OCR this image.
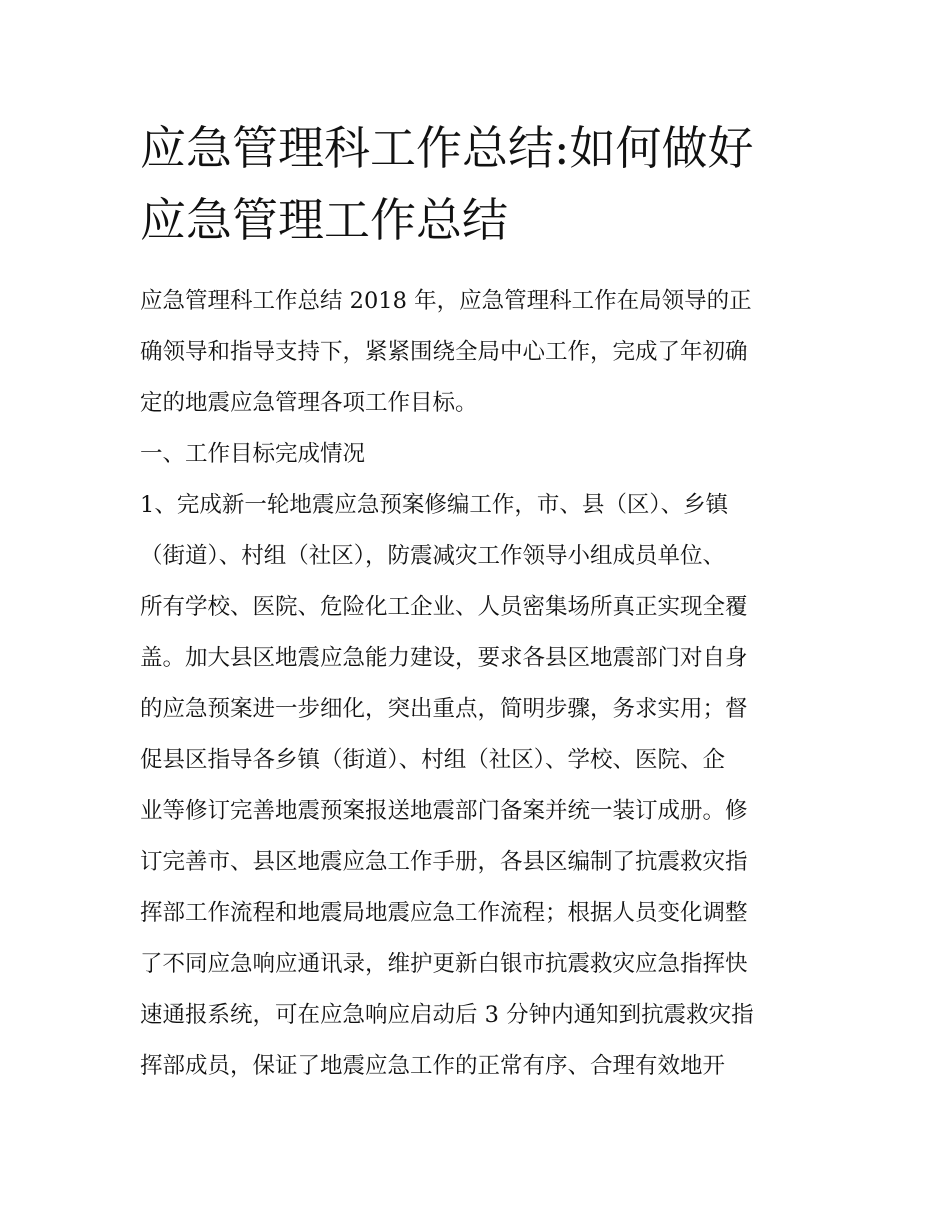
应急管理科工作总结:如何做好
应急管理工作总结
应急管理科工作总结 2018 年，应急管理科工作在局领导的正
确领导和指导支持下，紧紧围绕全局中心工作，完成了年初确
定的地震应急管理各项工作目标。
一、工作目标完成情况
1、完成新一轮地震应急预案修编工作，市、县（区）、乡镇
（街道）、村组（社区），防震减灾工作领导小组成员单位、
所有学校、医院、危险化工企业、人员密集场所真正实现全覆
盖。加大县区地震应急能力建设，要求各县区地震部门对自身
的应急预案进一步细化，突出重点，简明步骤，务求实用；督
促县区指导各乡镇（街道）、村组（社区）、学校、医院、企
业等修订完善地震预案报送地震部门备案并统一装订成册。修
订完善市、县区地震应急工作手册，各县区编制了抗震救灾指
挥部工作流程和地震局地震应急工作流程；根据人员变化调整
了不同应急响应通讯录，维护更新白银市抗震救灾应急指挥快
速通报系统，可在应急响应启动后 3 分钟内通知到抗震救灾指
挥部成员，保证了地震应急工作的正常有序、合理有效地开
